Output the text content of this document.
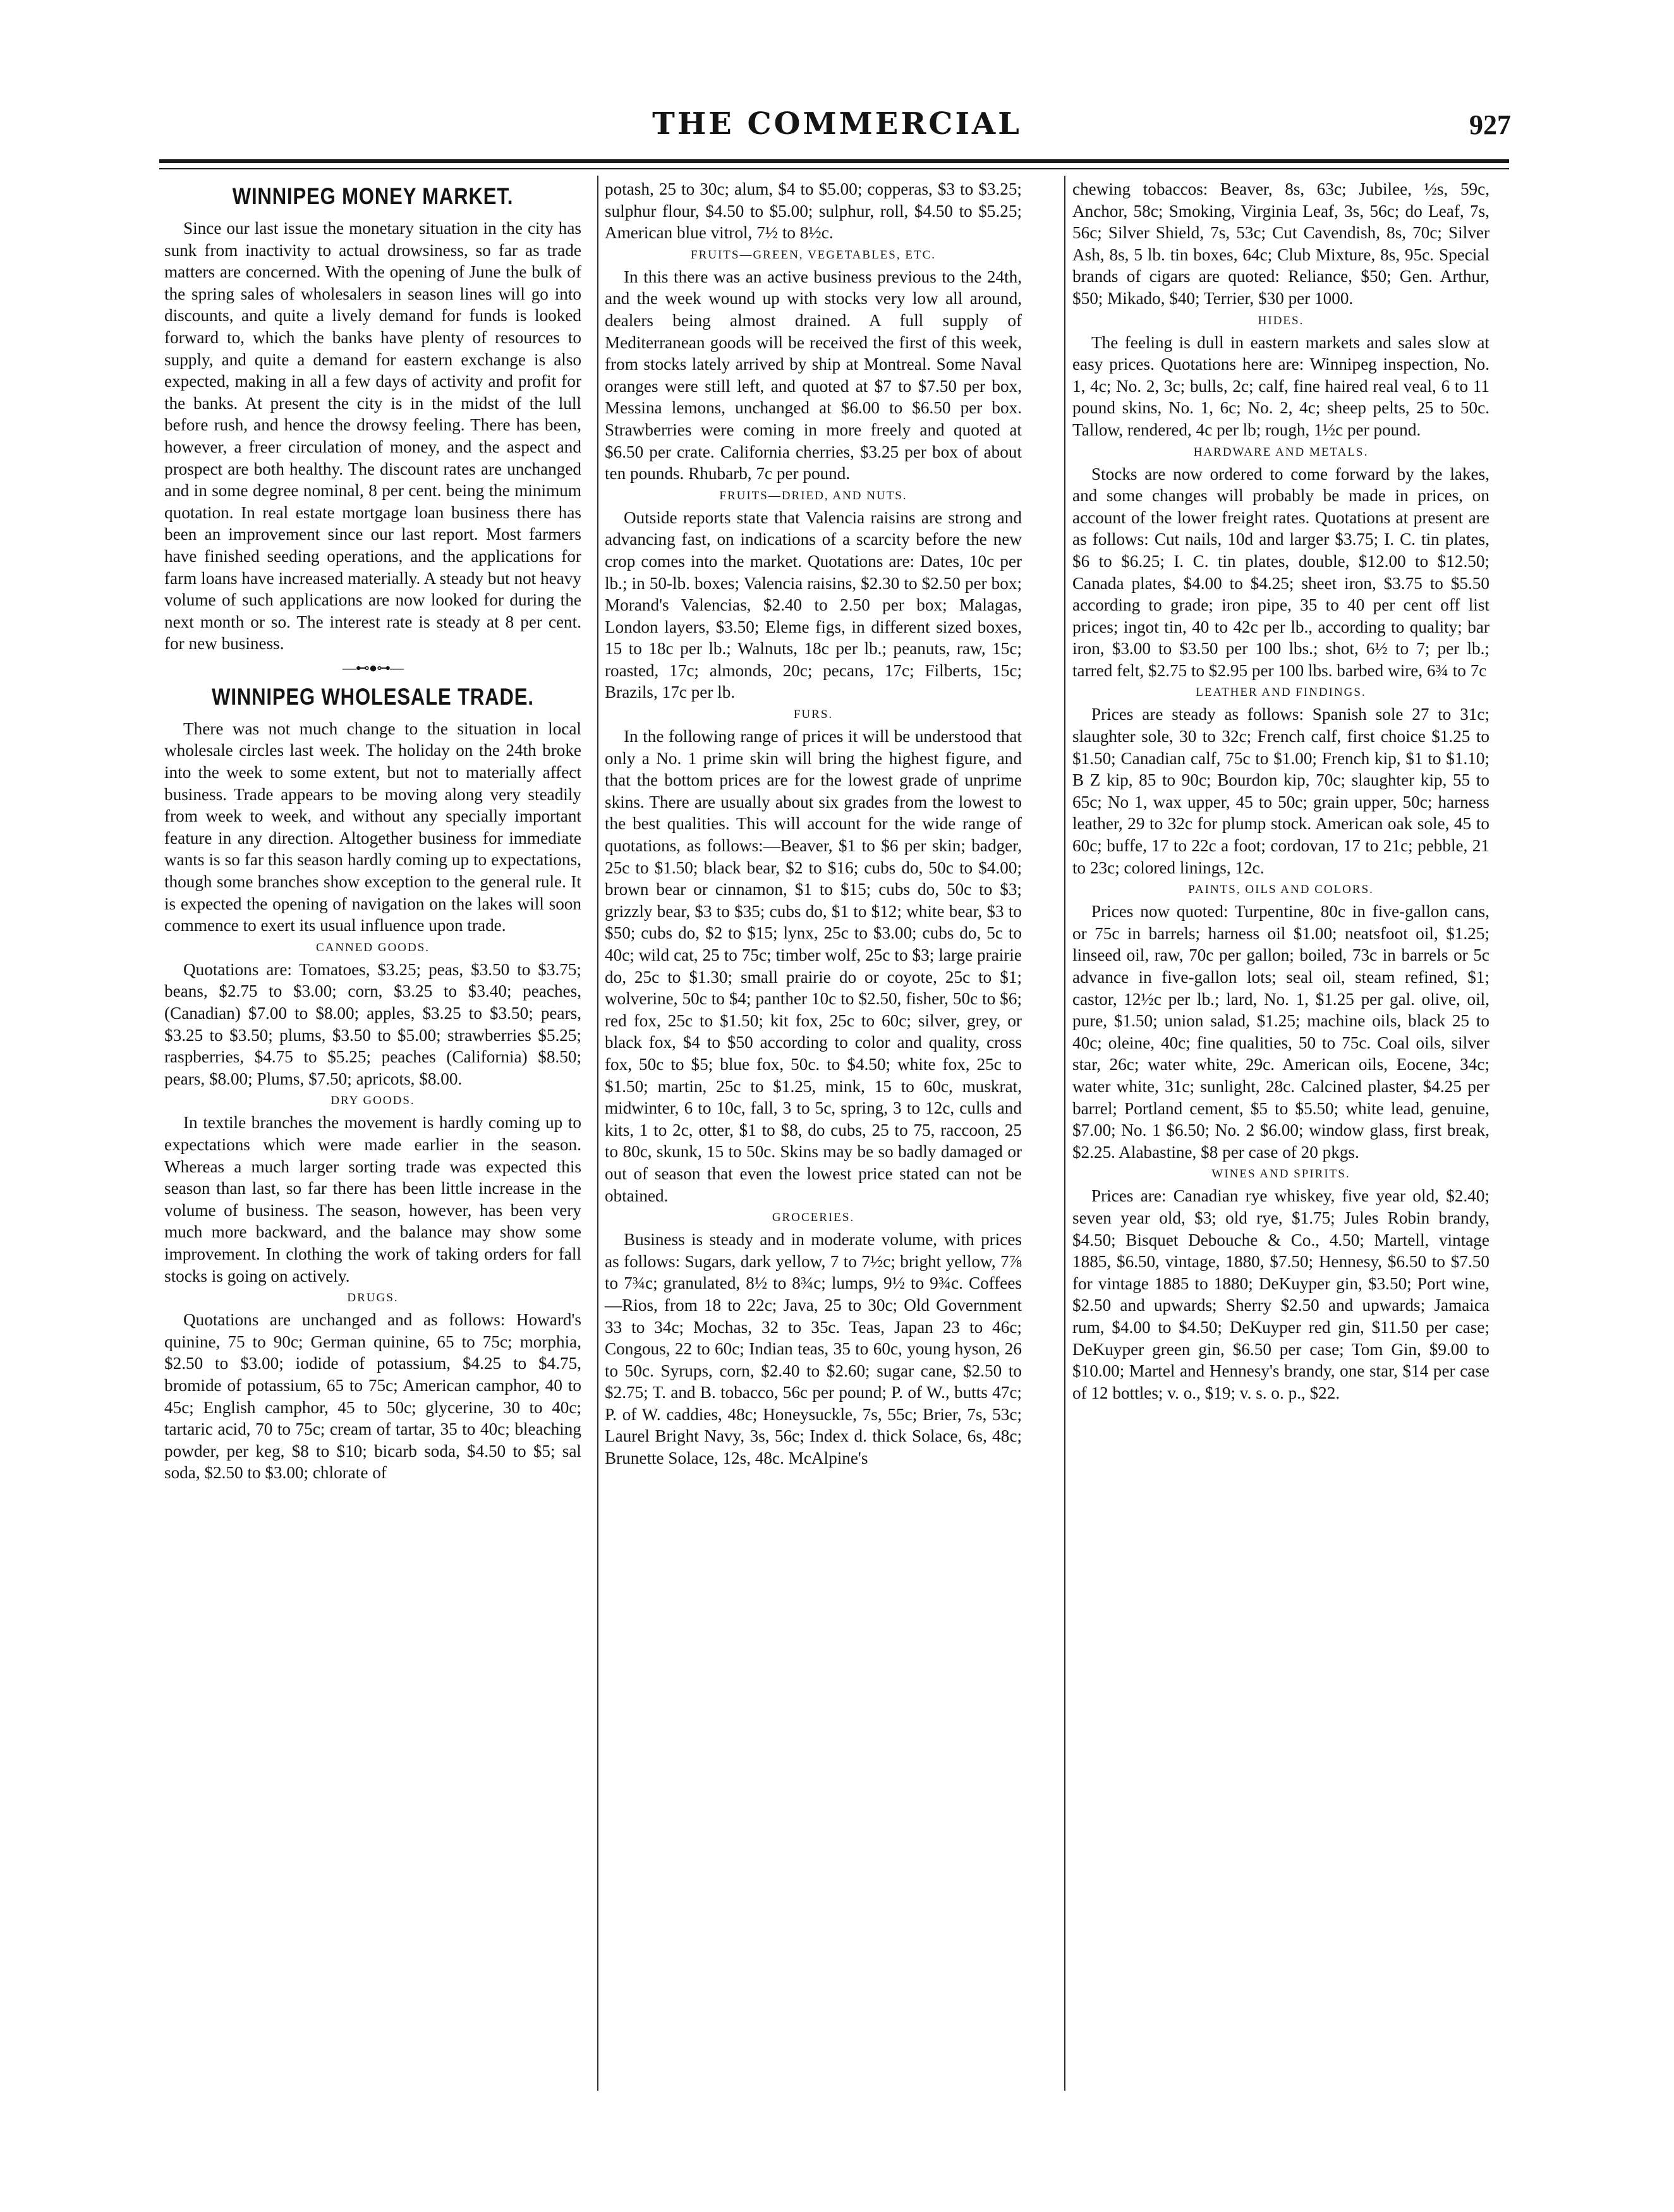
THE COMMERCIAL	927
WINNIPEG MONEY MARKET.

Since our last issue the monetary situation in the city has sunk from inactivity to actual drowsiness, so far as trade matters are concerned. With the opening of June the bulk of the spring sales of wholesalers in season lines will go into discounts, and quite a lively demand for funds is looked forward to, which the banks have plenty of resources to supply, and quite a demand for eastern exchange is also expected, making in all a few days of activity and profit for the banks. At present the city is in the midst of the lull before rush, and hence the drowsy feeling. There has been, however, a freer circulation of money, and the aspect and prospect are both healthy. The discount rates are unchanged and in some degree nominal, 8 per cent. being the minimum quotation. In real estate mortgage loan business there has been an improvement since our last report. Most farmers have finished seeding operations, and the applications for farm loans have increased materially. A steady but not heavy volume of such applications are now looked for during the next month or so. The interest rate is steady at 8 per cent. for new business.

—⊷●⊶—
WINNIPEG WHOLESALE TRADE.

There was not much change to the situation in local wholesale circles last week. The holiday on the 24th broke into the week to some extent, but not to materially affect business. Trade appears to be moving along very steadily from week to week, and without any specially important feature in any direction. Altogether business for immediate wants is so far this season hardly coming up to expectations, though some branches show exception to the general rule. It is expected the opening of navigation on the lakes will soon commence to exert its usual influence upon trade.

CANNED GOODS.

Quotations are: Tomatoes, $3.25; peas, $3.50 to $3.75; beans, $2.75 to $3.00; corn, $3.25 to $3.40; peaches, (Canadian) $7.00 to $8.00; apples, $3.25 to $3.50; pears, $3.25 to $3.50; plums, $3.50 to $5.00; strawberries $5.25; raspberries, $4.75 to $5.25; peaches (California) $8.50; pears, $8.00; Plums, $7.50; apricots, $8.00.

DRY GOODS.

In textile branches the movement is hardly coming up to expectations which were made earlier in the season. Whereas a much larger sorting trade was expected this season than last, so far there has been little increase in the volume of business. The season, however, has been very much more backward, and the balance may show some improvement. In clothing the work of taking orders for fall stocks is going on actively.

DRUGS.

Quotations are unchanged and as follows: Howard's quinine, 75 to 90c; German quinine, 65 to 75c; morphia, $2.50 to $3.00; iodide of potassium, $4.25 to $4.75, bromide of potassium, 65 to 75c; American camphor, 40 to 45c; English camphor, 45 to 50c; glycerine, 30 to 40c; tartaric acid, 70 to 75c; cream of tartar, 35 to 40c; bleaching powder, per keg, $8 to $10; bicarb soda, $4.50 to $5; sal soda, $2.50 to $3.00; chlorate of

potash, 25 to 30c; alum, $4 to $5.00; copperas, $3 to $3.25; sulphur flour, $4.50 to $5.00; sulphur, roll, $4.50 to $5.25; American blue vitrol, 7½ to 8½c.

FRUITS—GREEN, VEGETABLES, ETC.

In this there was an active business previous to the 24th, and the week wound up with stocks very low all around, dealers being almost drained. A full supply of Mediterranean goods will be received the first of this week, from stocks lately arrived by ship at Montreal. Some Naval oranges were still left, and quoted at $7 to $7.50 per box, Messina lemons, unchanged at $6.00 to $6.50 per box. Strawberries were coming in more freely and quoted at $6.50 per crate. California cherries, $3.25 per box of about ten pounds. Rhubarb, 7c per pound.

FRUITS—DRIED, AND NUTS.

Outside reports state that Valencia raisins are strong and advancing fast, on indications of a scarcity before the new crop comes into the market. Quotations are: Dates, 10c per lb.; in 50-lb. boxes; Valencia raisins, $2.30 to $2.50 per box; Morand's Valencias, $2.40 to 2.50 per box; Malagas, London layers, $3.50; Eleme figs, in different sized boxes, 15 to 18c per lb.; Walnuts, 18c per lb.; peanuts, raw, 15c; roasted, 17c; almonds, 20c; pecans, 17c; Filberts, 15c; Brazils, 17c per lb.

FURS.

In the following range of prices it will be understood that only a No. 1 prime skin will bring the highest figure, and that the bottom prices are for the lowest grade of unprime skins. There are usually about six grades from the lowest to the best qualities. This will account for the wide range of quotations, as follows:—Beaver, $1 to $6 per skin; badger, 25c to $1.50; black bear, $2 to $16; cubs do, 50c to $4.00; brown bear or cinnamon, $1 to $15; cubs do, 50c to $3; grizzly bear, $3 to $35; cubs do, $1 to $12; white bear, $3 to $50; cubs do, $2 to $15; lynx, 25c to $3.00; cubs do, 5c to 40c; wild cat, 25 to 75c; timber wolf, 25c to $3; large prairie do, 25c to $1.30; small prairie do or coyote, 25c to $1; wolverine, 50c to $4; panther 10c to $2.50, fisher, 50c to $6; red fox, 25c to $1.50; kit fox, 25c to 60c; silver, grey, or black fox, $4 to $50 according to color and quality, cross fox, 50c to $5; blue fox, 50c. to $4.50; white fox, 25c to $1.50; martin, 25c to $1.25, mink, 15 to 60c, muskrat, midwinter, 6 to 10c, fall, 3 to 5c, spring, 3 to 12c, culls and kits, 1 to 2c, otter, $1 to $8, do cubs, 25 to 75, raccoon, 25 to 80c, skunk, 15 to 50c. Skins may be so badly damaged or out of season that even the lowest price stated can not be obtained.

GROCERIES.

Business is steady and in moderate volume, with prices as follows: Sugars, dark yellow, 7 to 7½c; bright yellow, 7⅞ to 7¾c; granulated, 8½ to 8¾c; lumps, 9½ to 9¾c. Coffees—Rios, from 18 to 22c; Java, 25 to 30c; Old Government 33 to 34c; Mochas, 32 to 35c. Teas, Japan 23 to 46c; Congous, 22 to 60c; Indian teas, 35 to 60c, young hyson, 26 to 50c. Syrups, corn, $2.40 to $2.60; sugar cane, $2.50 to $2.75; T. and B. tobacco, 56c per pound; P. of W., butts 47c; P. of W. caddies, 48c; Honeysuckle, 7s, 55c; Brier, 7s, 53c; Laurel Bright Navy, 3s, 56c; Index d. thick Solace, 6s, 48c; Brunette Solace, 12s, 48c. McAlpine's

chewing tobaccos: Beaver, 8s, 63c; Jubilee, ½s, 59c, Anchor, 58c; Smoking, Virginia Leaf, 3s, 56c; do Leaf, 7s, 56c; Silver Shield, 7s, 53c; Cut Cavendish, 8s, 70c; Silver Ash, 8s, 5 lb. tin boxes, 64c; Club Mixture, 8s, 95c. Special brands of cigars are quoted: Reliance, $50; Gen. Arthur, $50; Mikado, $40; Terrier, $30 per 1000.

HIDES.

The feeling is dull in eastern markets and sales slow at easy prices. Quotations here are: Winnipeg inspection, No. 1, 4c; No. 2, 3c; bulls, 2c; calf, fine haired real veal, 6 to 11 pound skins, No. 1, 6c; No. 2, 4c; sheep pelts, 25 to 50c. Tallow, rendered, 4c per lb; rough, 1½c per pound.

HARDWARE AND METALS.

Stocks are now ordered to come forward by the lakes, and some changes will probably be made in prices, on account of the lower freight rates. Quotations at present are as follows: Cut nails, 10d and larger $3.75; I. C. tin plates, $6 to $6.25; I. C. tin plates, double, $12.00 to $12.50; Canada plates, $4.00 to $4.25; sheet iron, $3.75 to $5.50 according to grade; iron pipe, 35 to 40 per cent off list prices; ingot tin, 40 to 42c per lb., according to quality; bar iron, $3.00 to $3.50 per 100 lbs.; shot, 6½ to 7; per lb.; tarred felt, $2.75 to $2.95 per 100 lbs. barbed wire, 6¾ to 7c

LEATHER AND FINDINGS.

Prices are steady as follows: Spanish sole 27 to 31c; slaughter sole, 30 to 32c; French calf, first choice $1.25 to $1.50; Canadian calf, 75c to $1.00; French kip, $1 to $1.10; B Z kip, 85 to 90c; Bourdon kip, 70c; slaughter kip, 55 to 65c; No 1, wax upper, 45 to 50c; grain upper, 50c; harness leather, 29 to 32c for plump stock. American oak sole, 45 to 60c; buffe, 17 to 22c a foot; cordovan, 17 to 21c; pebble, 21 to 23c; colored linings, 12c.

PAINTS, OILS AND COLORS.

Prices now quoted: Turpentine, 80c in five-gallon cans, or 75c in barrels; harness oil $1.00; neatsfoot oil, $1.25; linseed oil, raw, 70c per gallon; boiled, 73c in barrels or 5c advance in five-gallon lots; seal oil, steam refined, $1; castor, 12½c per lb.; lard, No. 1, $1.25 per gal. olive, oil, pure, $1.50; union salad, $1.25; machine oils, black 25 to 40c; oleine, 40c; fine qualities, 50 to 75c. Coal oils, silver star, 26c; water white, 29c. American oils, Eocene, 34c; water white, 31c; sunlight, 28c. Calcined plaster, $4.25 per barrel; Portland cement, $5 to $5.50; white lead, genuine, $7.00; No. 1 $6.50; No. 2 $6.00; window glass, first break, $2.25. Alabastine, $8 per case of 20 pkgs.

WINES AND SPIRITS.

Prices are: Canadian rye whiskey, five year old, $2.40; seven year old, $3; old rye, $1.75; Jules Robin brandy, $4.50; Bisquet Debouche & Co., 4.50; Martell, vintage 1885, $6.50, vintage, 1880, $7.50; Hennesy, $6.50 to $7.50 for vintage 1885 to 1880; DeKuyper gin, $3.50; Port wine, $2.50 and upwards; Sherry $2.50 and upwards; Jamaica rum, $4.00 to $4.50; DeKuyper red gin, $11.50 per case; DeKuyper green gin, $6.50 per case; Tom Gin, $9.00 to $10.00; Martel and Hennesy's brandy, one star, $14 per case of 12 bottles; v. o., $19; v. s. o. p., $22.
